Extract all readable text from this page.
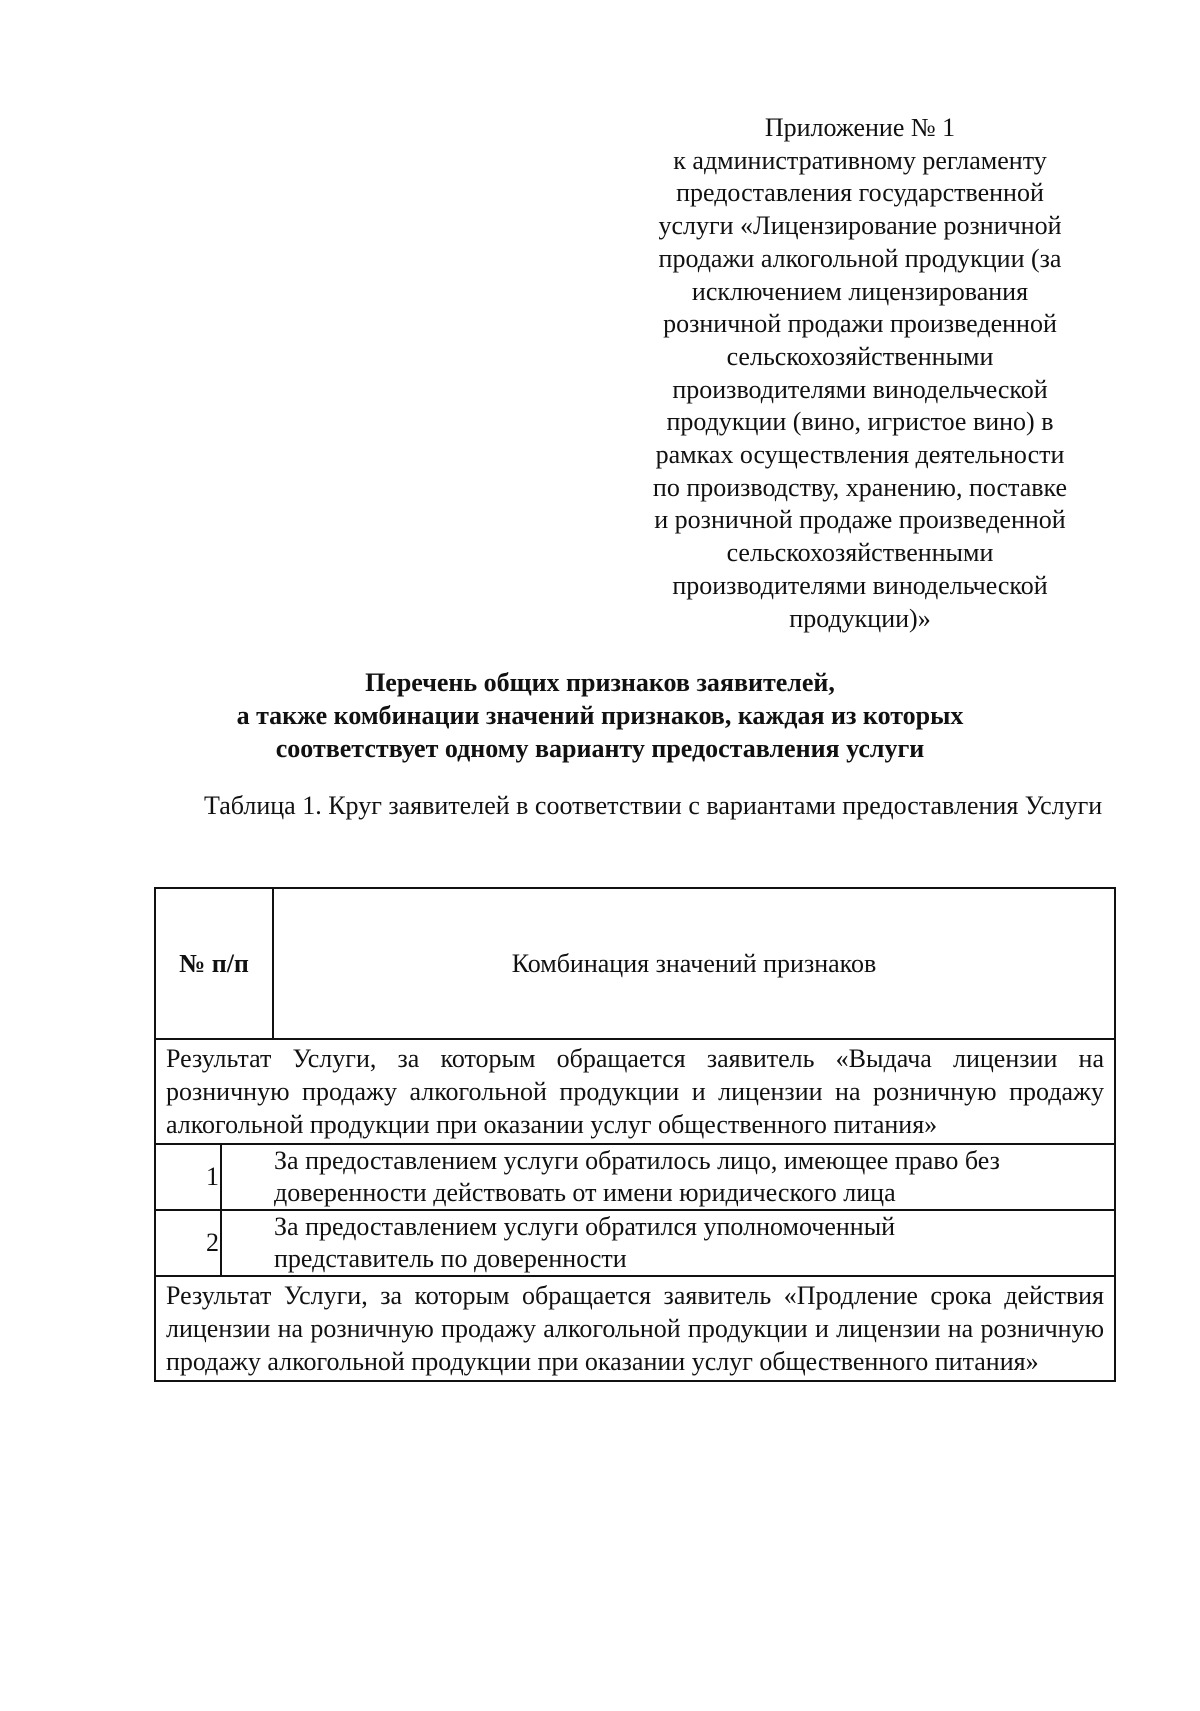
Приложение № 1
к административному регламенту
предоставления государственной
услуги «Лицензирование розничной
продажи алкогольной продукции (за
исключением лицензирования
розничной продажи произведенной
сельскохозяйственными
производителями винодельческой
продукции (вино, игристое вино) в
рамках осуществления деятельности
по производству, хранению, поставке
и розничной продаже произведенной
сельскохозяйственными
производителями винодельческой
продукции)»
Перечень общих признаков заявителей,
а также комбинации значений признаков, каждая из которых
соответствует одному варианту предоставления услуги
Таблица 1. Круг заявителей в соответствии с вариантами предоставления Услуги
№ п/п	Комбинация значений признаков
Результат Услуги, за которым обращается заявитель «Выдача лицензии на розничную продажу алкогольной продукции и лицензии на розничную продажу алкогольной продукции при оказании услуг общественного питания»
1
За предоставлением услуги обратилось лицо, имеющее право без
доверенности действовать от имени юридического лица
2
За предоставлением услуги обратился уполномоченный
представитель по доверенности
Результат Услуги, за которым обращается заявитель «Продление срока действия лицензии на розничную продажу алкогольной продукции и лицензии на розничную продажу алкогольной продукции при оказании услуг общественного питания»
